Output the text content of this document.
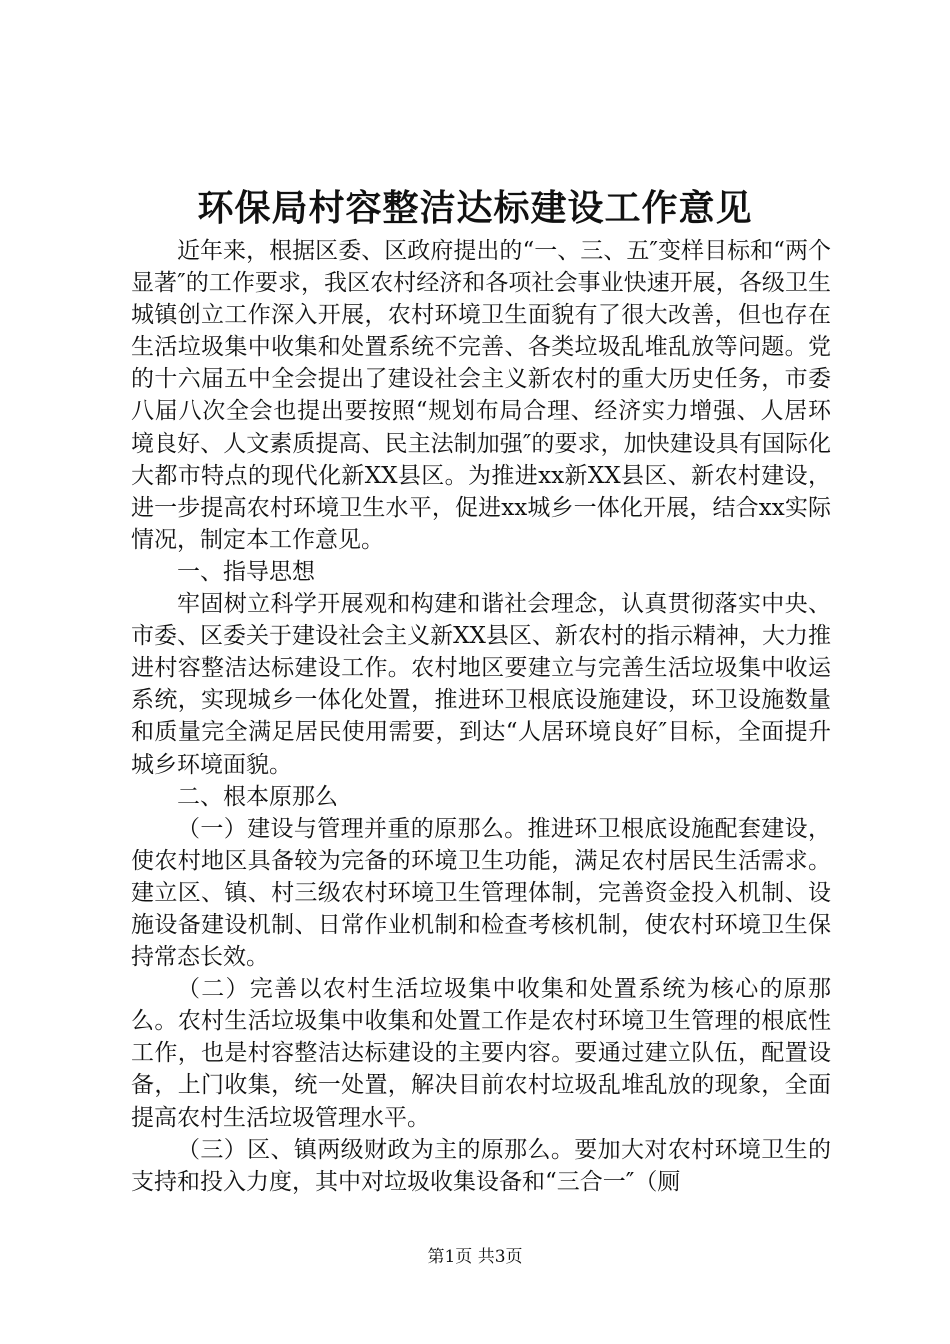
环保局村容整洁达标建设工作意见

近年来，根据区委、区政府提出的“一、三、五″变样目标和“两个显著″的工作要求，我区农村经济和各项社会事业快速开展，各级卫生城镇创立工作深入开展，农村环境卫生面貌有了很大改善，但也存在生活垃圾集中收集和处置系统不完善、各类垃圾乱堆乱放等问题。党的十六届五中全会提出了建设社会主义新农村的重大历史任务，市委八届八次全会也提出要按照“规划布局合理、经济实力增强、人居环境良好、人文素质提高、民主法制加强″的要求，加快建设具有国际化大都市特点的现代化新XX县区。为推进xx新XX县区、新农村建设，进一步提高农村环境卫生水平，促进xx城乡一体化开展，结合xx实际情况，制定本工作意见。

一、指导思想

牢固树立科学开展观和构建和谐社会理念，认真贯彻落实中央、市委、区委关于建设社会主义新XX县区、新农村的指示精神，大力推进村容整洁达标建设工作。农村地区要建立与完善生活垃圾集中收运系统，实现城乡一体化处置，推进环卫根底设施建设，环卫设施数量和质量完全满足居民使用需要，到达“人居环境良好″目标，全面提升城乡环境面貌。

二、根本原那么

（一）建设与管理并重的原那么。推进环卫根底设施配套建设，使农村地区具备较为完备的环境卫生功能，满足农村居民生活需求。建立区、镇、村三级农村环境卫生管理体制，完善资金投入机制、设施设备建设机制、日常作业机制和检查考核机制，使农村环境卫生保持常态长效。

（二）完善以农村生活垃圾集中收集和处置系统为核心的原那么。农村生活垃圾集中收集和处置工作是农村环境卫生管理的根底性工作，也是村容整洁达标建设的主要内容。要通过建立队伍，配置设备，上门收集，统一处置，解决目前农村垃圾乱堆乱放的现象，全面提高农村生活垃圾管理水平。

（三）区、镇两级财政为主的原那么。要加大对农村环境卫生的支持和投入力度，其中对垃圾收集设备和“三合一″（厕

第1页 共3页
